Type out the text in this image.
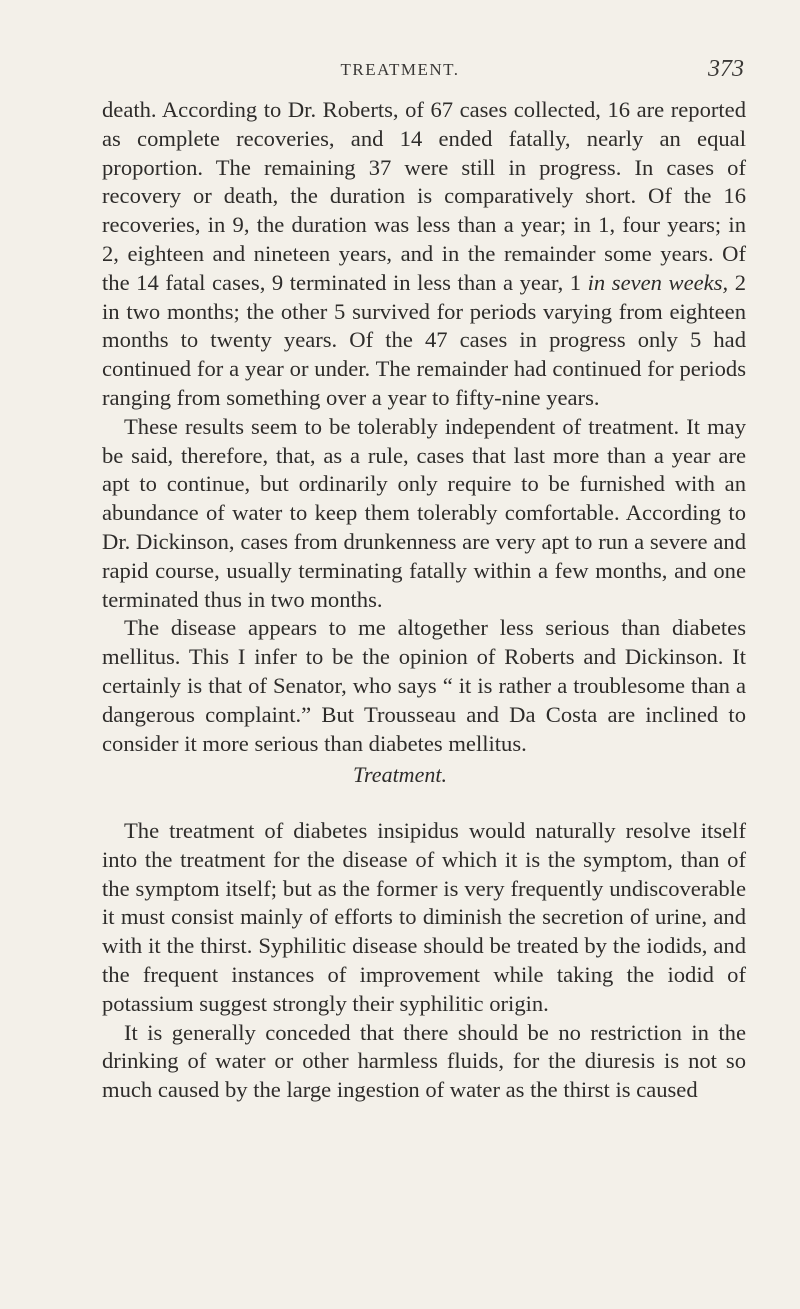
TREATMENT.	373

death. According to Dr. Roberts, of 67 cases collected, 16 are reported as complete recoveries, and 14 ended fatally, nearly an equal proportion. The remaining 37 were still in progress. In cases of recovery or death, the duration is comparatively short. Of the 16 recoveries, in 9, the duration was less than a year; in 1, four years; in 2, eighteen and nineteen years, and in the remainder some years. Of the 14 fatal cases, 9 terminated in less than a year, 1 in seven weeks, 2 in two months; the other 5 survived for periods varying from eighteen months to twenty years. Of the 47 cases in progress only 5 had continued for a year or under. The remainder had continued for periods ranging from something over a year to fifty-nine years.

These results seem to be tolerably independent of treatment. It may be said, therefore, that, as a rule, cases that last more than a year are apt to continue, but ordinarily only require to be furnished with an abundance of water to keep them tolerably comfortable. According to Dr. Dickinson, cases from drunkenness are very apt to run a severe and rapid course, usually terminating fatally within a few months, and one terminated thus in two months.

The disease appears to me altogether less serious than diabetes mellitus. This I infer to be the opinion of Roberts and Dickinson. It certainly is that of Senator, who says “ it is rather a troublesome than a dangerous complaint.” But Trousseau and Da Costa are inclined to consider it more serious than diabetes mellitus.

Treatment.

The treatment of diabetes insipidus would naturally resolve itself into the treatment for the disease of which it is the symptom, than of the symptom itself; but as the former is very frequently undiscoverable it must consist mainly of efforts to diminish the secretion of urine, and with it the thirst. Syphilitic disease should be treated by the iodids, and the frequent instances of improvement while taking the iodid of potassium suggest strongly their syphilitic origin.

It is generally conceded that there should be no restriction in the drinking of water or other harmless fluids, for the diuresis is not so much caused by the large ingestion of water as the thirst is caused
